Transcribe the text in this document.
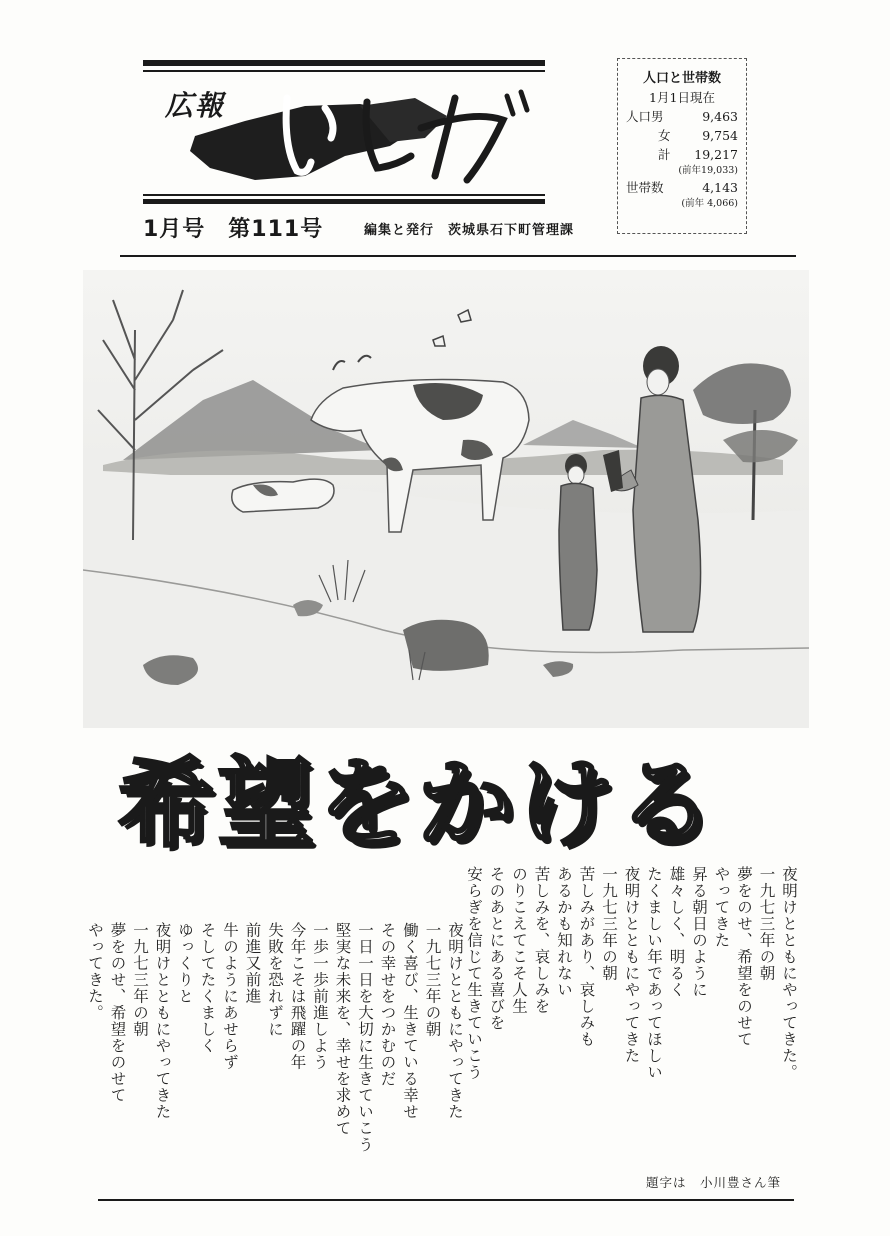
いしげ
広報
1月号　第111号	編集と発行　茨城県石下町管理課
人口と世帯数
1月1日現在
人口男	9,463
女	9,754
計 19,217
(前年19,033)
世帯数	4,143
(前年 4,066)
希望をかける
夜明けとともにやってきた。
一九七三年の朝
夢をのせ、希望をのせて
やってきた
昇る朝日のように
雄々しく、明るく
たくましい年であってほしい
夜明けとともにやってきた
一九七三年の朝
苦しみがあり、哀しみも
あるかも知れない
苦しみを、哀しみを
のりこえてこそ人生
そのあとにある喜びを
安らぎを信じて生きていこう
夜明けとともにやってきた
一九七三年の朝
働く喜び、生きている幸せ
その幸せをつかむのだ
一日一日を大切に生きていこう
堅実な未来を、幸せを求めて
一歩一歩前進しよう
今年こそは飛躍の年
失敗を恐れずに
前進又前進
牛のようにあせらず
そしてたくましく
ゆっくりと
夜明けとともにやってきた
一九七三年の朝
夢をのせ、希望をのせて
やってきた。
題字は　小川豊さん筆
